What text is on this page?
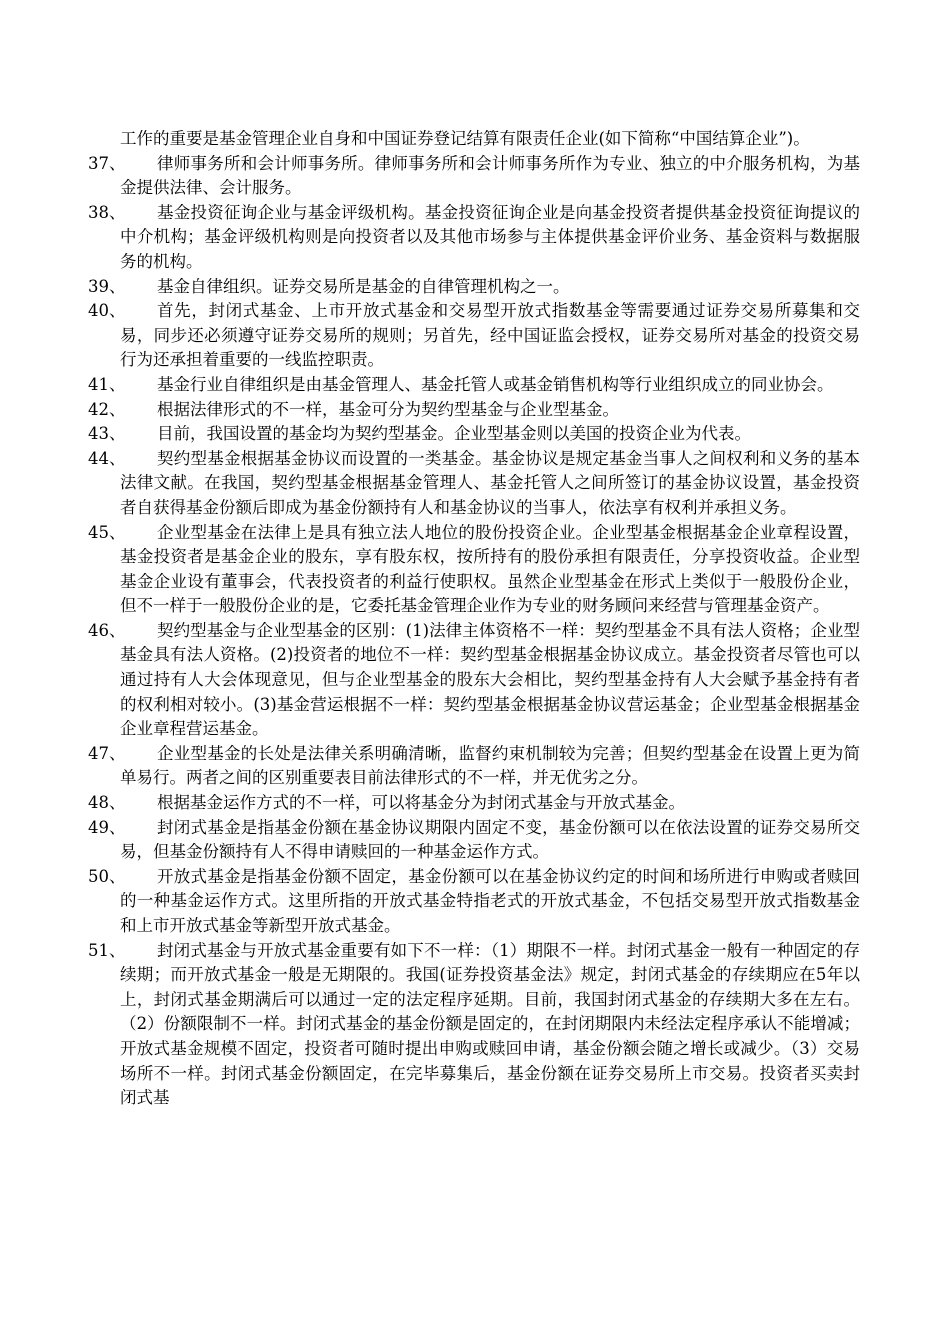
工作的重要是基金管理企业自身和中国证券登记结算有限责任企业(如下简称“中国结算企业”)。

37、	律师事务所和会计师事务所。律师事务所和会计师事务所作为专业、独立的中介服务机构，为基金提供法律、会计服务。

38、	基金投资征询企业与基金评级机构。基金投资征询企业是向基金投资者提供基金投资征询提议的中介机构；基金评级机构则是向投资者以及其他市场参与主体提供基金评价业务、基金资料与数据服务的机构。

39、	基金自律组织。证券交易所是基金的自律管理机构之一。

40、	首先，封闭式基金、上市开放式基金和交易型开放式指数基金等需要通过证券交易所募集和交易，同步还必须遵守证券交易所的规则；另首先，经中国证监会授权，证券交易所对基金的投资交易行为还承担着重要的一线监控职责。

41、	基金行业自律组织是由基金管理人、基金托管人或基金销售机构等行业组织成立的同业协会。

42、	根据法律形式的不一样，基金可分为契约型基金与企业型基金。

43、	目前，我国设置的基金均为契约型基金。企业型基金则以美国的投资企业为代表。

44、	契约型基金根据基金协议而设置的一类基金。基金协议是规定基金当事人之间权利和义务的基本法律文献。在我国，契约型基金根据基金管理人、基金托管人之间所签订的基金协议设置，基金投资者自获得基金份额后即成为基金份额持有人和基金协议的当事人，依法享有权利并承担义务。

45、	企业型基金在法律上是具有独立法人地位的股份投资企业。企业型基金根据基金企业章程设置，基金投资者是基金企业的股东，享有股东权，按所持有的股份承担有限责任，分享投资收益。企业型基金企业设有董事会，代表投资者的利益行使职权。虽然企业型基金在形式上类似于一般股份企业，但不一样于一般股份企业的是，它委托基金管理企业作为专业的财务顾问来经营与管理基金资产。

46、	契约型基金与企业型基金的区别：(1)法律主体资格不一样：契约型基金不具有法人资格；企业型基金具有法人资格。(2)投资者的地位不一样：契约型基金根据基金协议成立。基金投资者尽管也可以通过持有人大会体现意见，但与企业型基金的股东大会相比，契约型基金持有人大会赋予基金持有者的权利相对较小。(3)基金营运根据不一样：契约型基金根据基金协议营运基金；企业型基金根据基金企业章程营运基金。

47、	企业型基金的长处是法律关系明确清晰，监督约束机制较为完善；但契约型基金在设置上更为简单易行。两者之间的区别重要表目前法律形式的不一样，并无优劣之分。

48、	根据基金运作方式的不一样，可以将基金分为封闭式基金与开放式基金。

49、	封闭式基金是指基金份额在基金协议期限内固定不变，基金份额可以在依法设置的证券交易所交易，但基金份额持有人不得申请赎回的一种基金运作方式。

50、	开放式基金是指基金份额不固定，基金份额可以在基金协议约定的时间和场所进行申购或者赎回的一种基金运作方式。这里所指的开放式基金特指老式的开放式基金，不包括交易型开放式指数基金和上市开放式基金等新型开放式基金。

51、	封闭式基金与开放式基金重要有如下不一样：（1）期限不一样。封闭式基金一般有一种固定的存续期；而开放式基金一般是无期限的。我国(证券投资基金法》规定，封闭式基金的存续期应在5年以上，封闭式基金期满后可以通过一定的法定程序延期。目前，我国封闭式基金的存续期大多在左右。（2）份额限制不一样。封闭式基金的基金份额是固定的，在封闭期限内未经法定程序承认不能增减；开放式基金规模不固定，投资者可随时提出申购或赎回申请，基金份额会随之增长或减少。（3）交易场所不一样。封闭式基金份额固定，在完毕募集后，基金份额在证券交易所上市交易。投资者买卖封闭式基
